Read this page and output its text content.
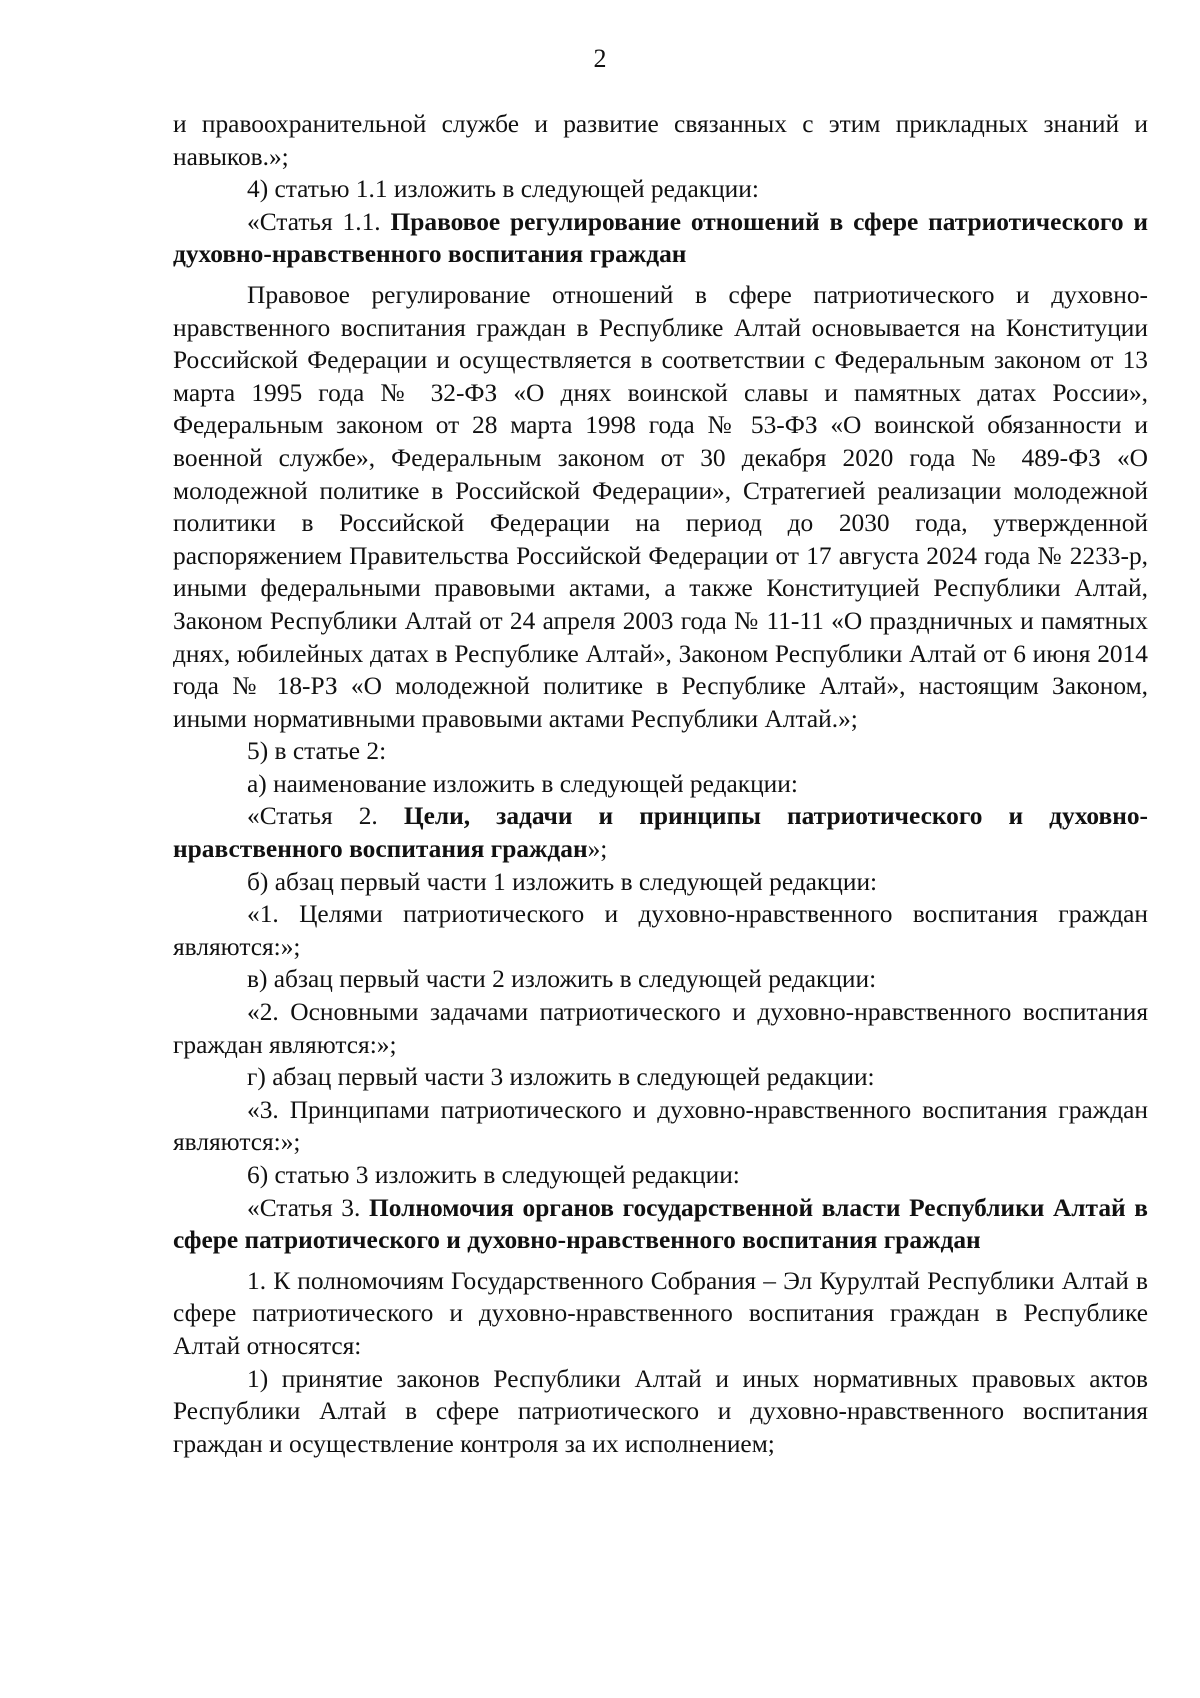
2

и правоохранительной службе и развитие связанных с этим прикладных знаний и навыков.»;

4) статью 1.1 изложить в следующей редакции:

«Статья 1.1. Правовое регулирование отношений в сфере патриотического и духовно-нравственного воспитания граждан

Правовое регулирование отношений в сфере патриотического и духовно-нравственного воспитания граждан в Республике Алтай основывается на Конституции Российской Федерации и осуществляется в соответствии с Федеральным законом от 13 марта 1995 года № 32-ФЗ «О днях воинской славы и памятных датах России», Федеральным законом от 28 марта 1998 года № 53-ФЗ «О воинской обязанности и военной службе», Федеральным законом от 30 декабря 2020 года № 489-ФЗ «О молодежной политике в Российской Федерации», Стратегией реализации молодежной политики в Российской Федерации на период до 2030 года, утвержденной распоряжением Правительства Российской Федерации от 17 августа 2024 года № 2233-р, иными федеральными правовыми актами, а также Конституцией Республики Алтай, Законом Республики Алтай от 24 апреля 2003 года № 11-11 «О праздничных и памятных днях, юбилейных датах в Республике Алтай», Законом Республики Алтай от 6 июня 2014 года № 18-РЗ «О молодежной политике в Республике Алтай», настоящим Законом, иными нормативными правовыми актами Республики Алтай.»;

5) в статье 2:

а) наименование изложить в следующей редакции:

«Статья 2. Цели, задачи и принципы патриотического и духовно-нравственного воспитания граждан»;

б) абзац первый части 1 изложить в следующей редакции:

«1. Целями патриотического и духовно-нравственного воспитания граждан являются:»;

в) абзац первый части 2 изложить в следующей редакции:

«2. Основными задачами патриотического и духовно-нравственного воспитания граждан являются:»;

г) абзац первый части 3 изложить в следующей редакции:

«3. Принципами патриотического и духовно-нравственного воспитания граждан являются:»;

6) статью 3 изложить в следующей редакции:

«Статья 3. Полномочия органов государственной власти Республики Алтай в сфере патриотического и духовно-нравственного воспитания граждан

1. К полномочиям Государственного Собрания – Эл Курултай Республики Алтай в сфере патриотического и духовно-нравственного воспитания граждан в Республике Алтай относятся:

1) принятие законов Республики Алтай и иных нормативных правовых актов Республики Алтай в сфере патриотического и духовно-нравственного воспитания граждан и осуществление контроля за их исполнением;
